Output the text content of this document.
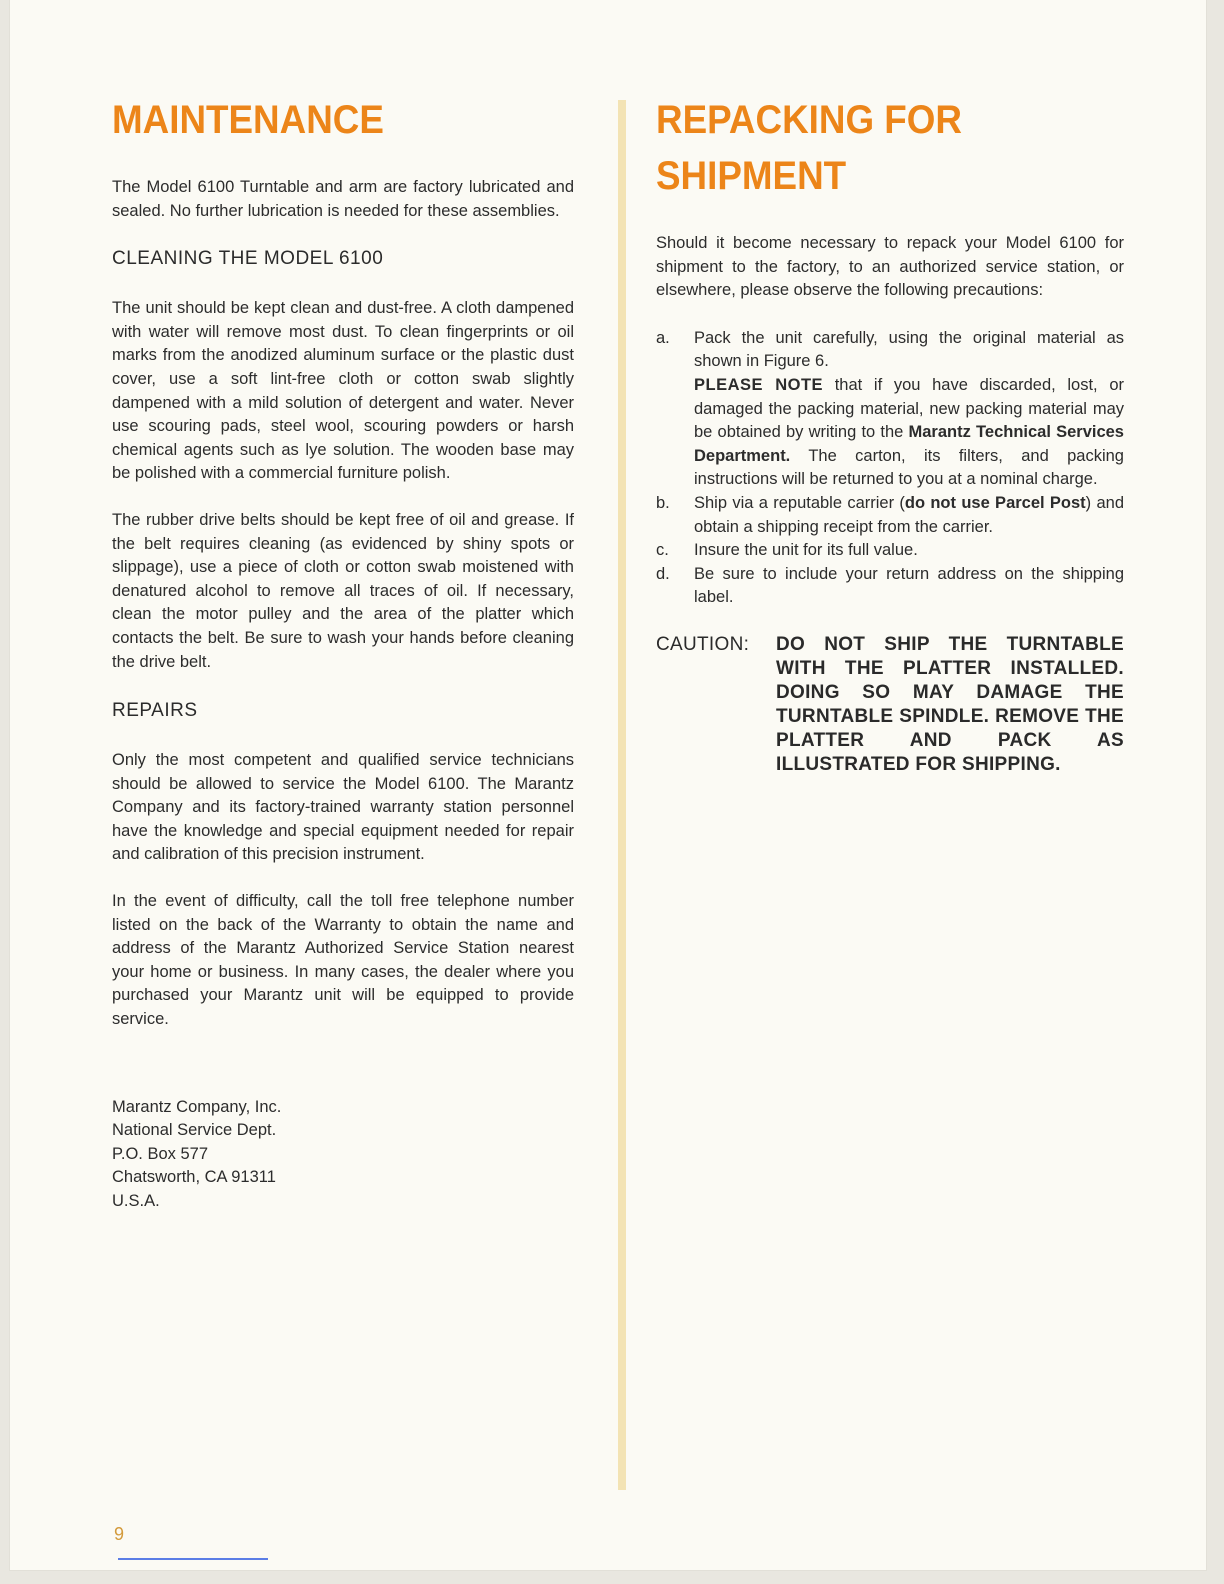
MAINTENANCE

The Model 6100 Turntable and arm are factory lubricated and sealed. No further lubrication is needed for these assemblies.

CLEANING THE MODEL 6100

The unit should be kept clean and dust-free. A cloth dampened with water will remove most dust. To clean fingerprints or oil marks from the anodized aluminum surface or the plastic dust cover, use a soft lint-free cloth or cotton swab slightly dampened with a mild solution of detergent and water. Never use scouring pads, steel wool, scouring powders or harsh chemical agents such as lye solution. The wooden base may be polished with a commercial furniture polish.

The rubber drive belts should be kept free of oil and grease. If the belt requires cleaning (as evidenced by shiny spots or slippage), use a piece of cloth or cotton swab moistened with denatured alcohol to remove all traces of oil. If necessary, clean the motor pulley and the area of the platter which contacts the belt. Be sure to wash your hands before cleaning the drive belt.

REPAIRS

Only the most competent and qualified service technicians should be allowed to service the Model 6100. The Marantz Company and its factory-trained warranty station personnel have the knowledge and special equipment needed for repair and calibration of this precision instrument.

In the event of difficulty, call the toll free telephone number listed on the back of the Warranty to obtain the name and address of the Marantz Authorized Service Station nearest your home or business. In many cases, the dealer where you purchased your Marantz unit will be equipped to provide service.

Marantz Company, Inc.
National Service Dept.
P.O. Box 577
Chatsworth, CA 91311
U.S.A.
REPACKING FOR SHIPMENT

Should it become necessary to repack your Model 6100 for shipment to the factory, to an authorized service station, or elsewhere, please observe the following precautions:

a.	Pack the unit carefully, using the original material as shown in Figure 6.

PLEASE NOTE that if you have discarded, lost, or damaged the packing material, new packing material may be obtained by writing to the Marantz Technical Services Department. The carton, its filters, and packing instructions will be returned to you at a nominal charge.

b.	Ship via a reputable carrier (do not use Parcel Post) and obtain a shipping receipt from the carrier.

c.	Insure the unit for its full value.

d.	Be sure to include your return address on the shipping label.

CAUTION:	DO NOT SHIP THE TURNTABLE WITH THE PLATTER INSTALLED. DOING SO MAY DAMAGE THE TURNTABLE SPINDLE. REMOVE THE PLATTER AND PACK AS ILLUSTRATED FOR SHIPPING.
9
